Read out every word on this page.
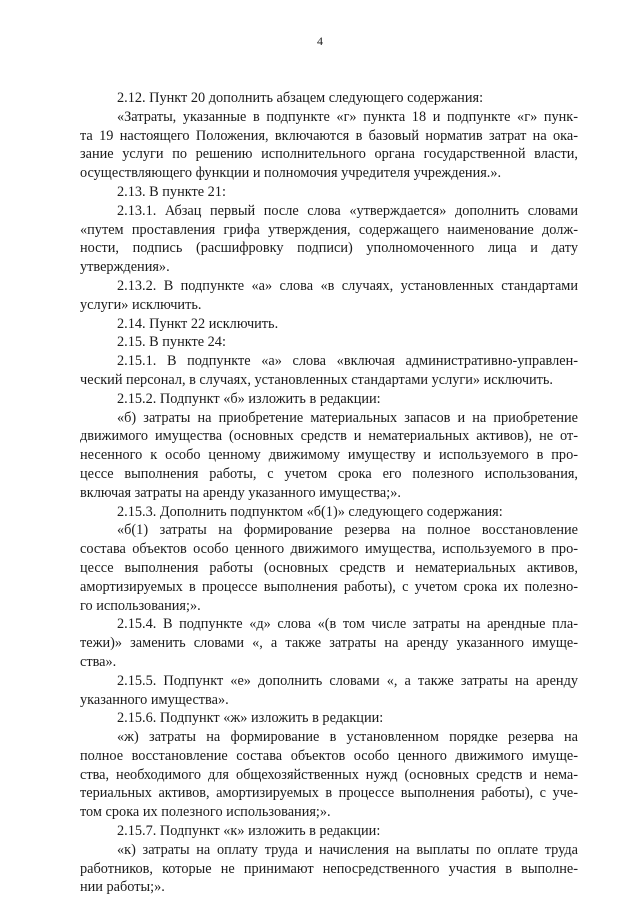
4
2.12. Пункт 20 дополнить абзацем следующего содержания:
«Затраты, указанные в подпункте «г» пункта 18 и подпункте «г» пунк-
та 19 настоящего Положения, включаются в базовый норматив затрат на ока-
зание услуги по решению исполнительного органа государственной власти,
осуществляющего функции и полномочия учредителя учреждения.».
2.13. В пункте 21:
2.13.1. Абзац первый после слова «утверждается» дополнить словами
«путем проставления грифа утверждения, содержащего наименование долж-
ности, подпись (расшифровку подписи) уполномоченного лица и дату
утверждения».
2.13.2. В подпункте «а» слова «в случаях, установленных стандартами
услуги» исключить.
2.14. Пункт 22 исключить.
2.15. В пункте 24:
2.15.1. В подпункте «а» слова «включая административно-управлен-
ческий персонал, в случаях, установленных стандартами услуги» исключить.
2.15.2. Подпункт «б» изложить в редакции:
«б) затраты на приобретение материальных запасов и на приобретение
движимого имущества (основных средств и нематериальных активов), не от-
несенного к особо ценному движимому имуществу и используемого в про-
цессе выполнения работы, с учетом срока его полезного использования,
включая затраты на аренду указанного имущества;».
2.15.3. Дополнить подпунктом «б(1)» следующего содержания:
«б(1) затраты на формирование резерва на полное восстановление
состава объектов особо ценного движимого имущества, используемого в про-
цессе выполнения работы (основных средств и нематериальных активов,
амортизируемых в процессе выполнения работы), с учетом срока их полезно-
го использования;».
2.15.4. В подпункте «д» слова «(в том числе затраты на арендные пла-
тежи)» заменить словами «, а также затраты на аренду указанного имуще-
ства».
2.15.5. Подпункт «е» дополнить словами «, а также затраты на аренду
указанного имущества».
2.15.6. Подпункт «ж» изложить в редакции:
«ж) затраты на формирование в установленном порядке резерва на
полное восстановление состава объектов особо ценного движимого имуще-
ства, необходимого для общехозяйственных нужд (основных средств и нема-
териальных активов, амортизируемых в процессе выполнения работы), с уче-
том срока их полезного использования;».
2.15.7. Подпункт «к» изложить в редакции:
«к) затраты на оплату труда и начисления на выплаты по оплате труда
работников, которые не принимают непосредственного участия в выполне-
нии работы;».
